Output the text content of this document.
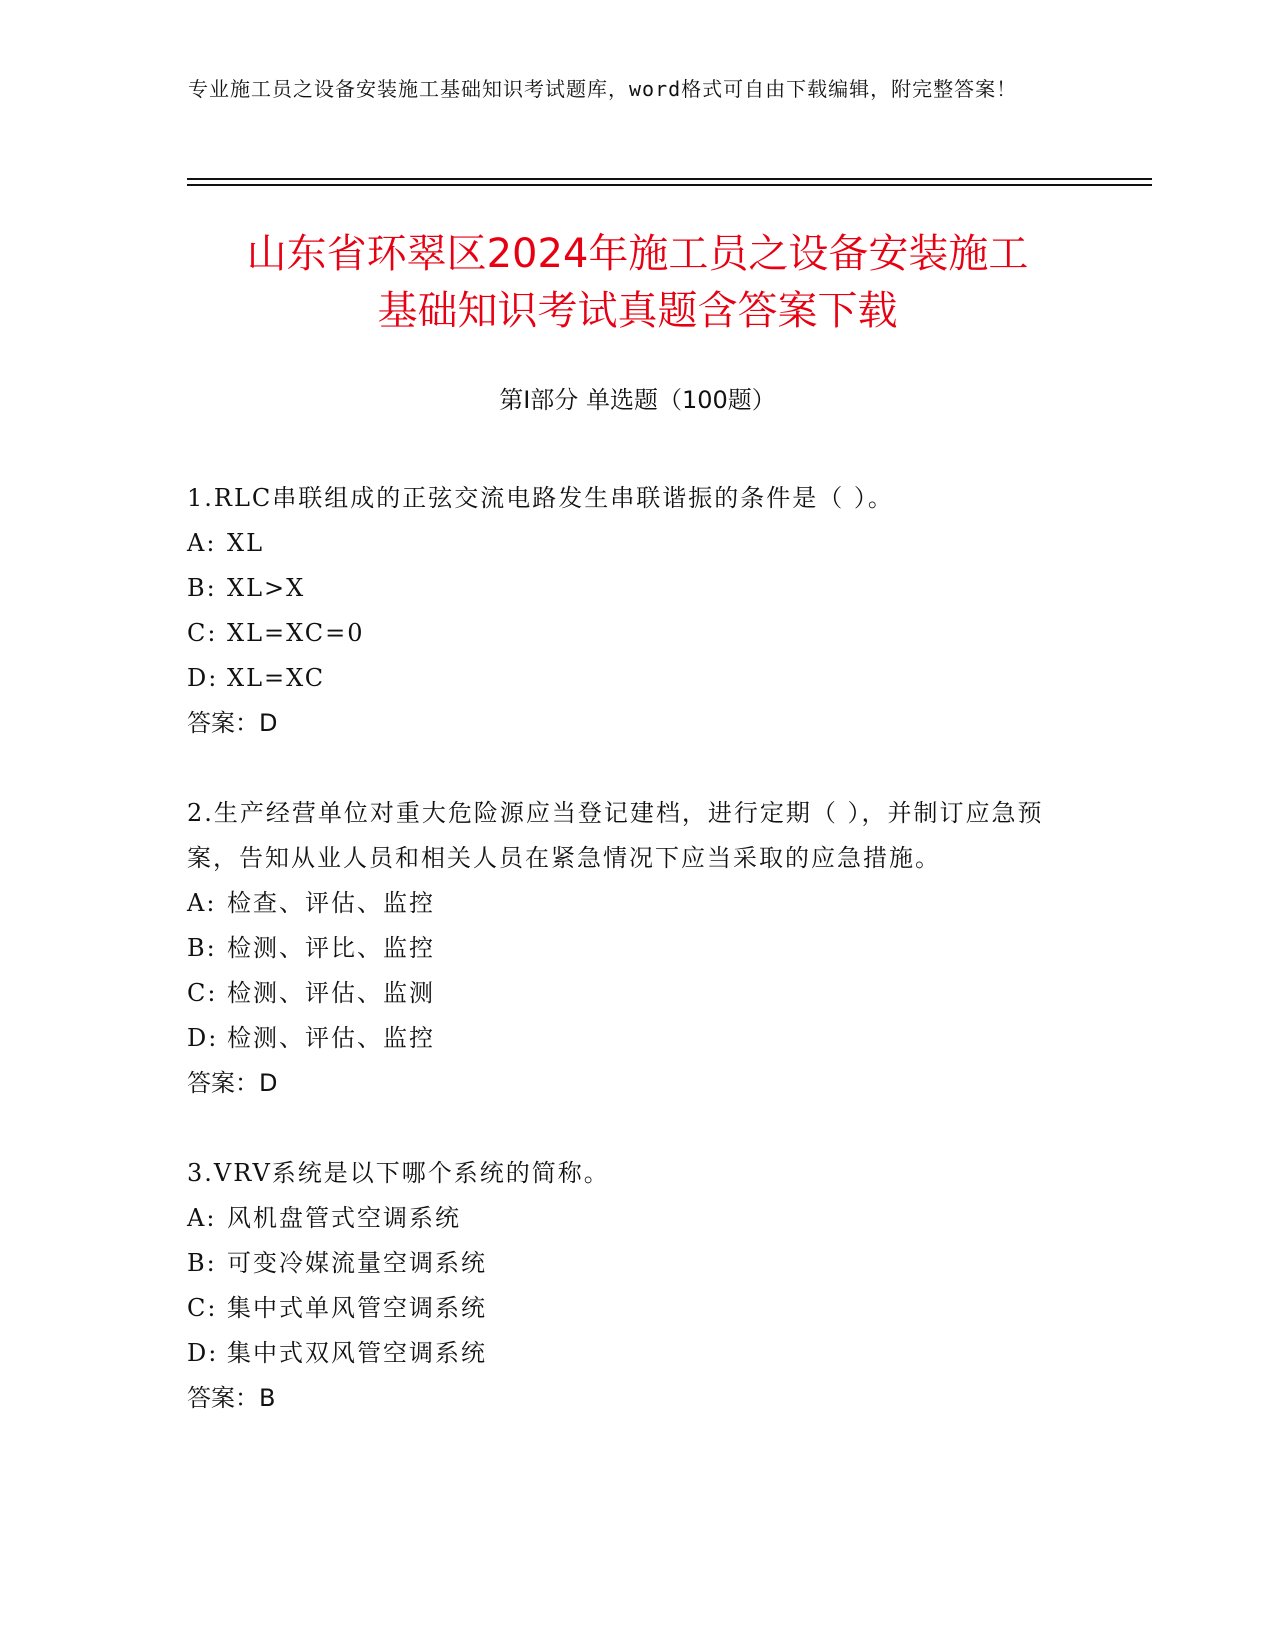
专业施工员之设备安装施工基础知识考试题库，word格式可自由下载编辑，附完整答案！
山东省环翠区2024年施工员之设备安装施工
基础知识考试真题含答案下载
第Ⅰ部分 单选题（100题）

1.RLC串联组成的正弦交流电路发生串联谐振的条件是（ ）。

A: XL

B: XL>X

C: XL=XC=0

D: XL=XC

答案：D

2.生产经营单位对重大危险源应当登记建档，进行定期（ ），并制订应急预案，告知从业人员和相关人员在紧急情况下应当采取的应急措施。

A: 检查、评估、监控

B: 检测、评比、监控

C: 检测、评估、监测

D: 检测、评估、监控

答案：D

3.VRV系统是以下哪个系统的简称。

A: 风机盘管式空调系统

B: 可变冷媒流量空调系统

C: 集中式单风管空调系统

D: 集中式双风管空调系统

答案：B
